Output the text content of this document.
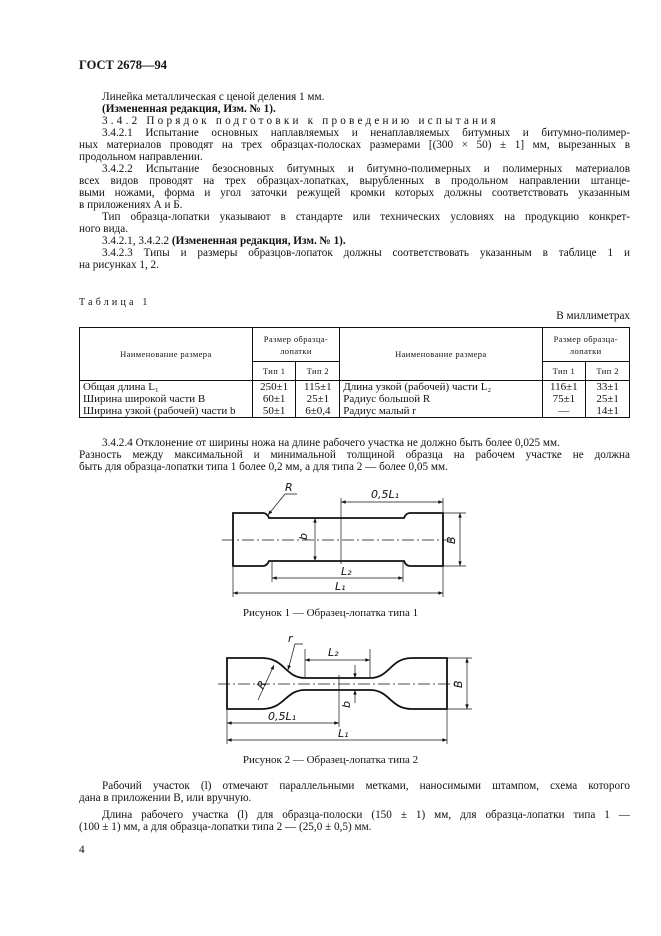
ГОСТ 2678—94
Линейка металлическая с ценой деления 1 мм.
(Измененная редакция, Изм. № 1).
3.4.2 Порядок подготовки к проведению испытания
3.4.2.1 Испытание основных наплавляемых и ненаплавляемых битумных и битумно-полимер-
ных материалов проводят на трех образцах-полосках размерами [(300 × 50) ± 1] мм, вырезанных в
продольном направлении.
3.4.2.2 Испытание безосновных битумных и битумно-полимерных и полимерных материалов
всех видов проводят на трех образцах-лопатках, вырубленных в продольном направлении штанце-
выми ножами, форма и угол заточки режущей кромки которых должны соответствовать указанным
в приложениях А и Б.
Тип образца-лопатки указывают в стандарте или технических условиях на продукцию конкрет-
ного вида.
3.4.2.1, 3.4.2.2 (Измененная редакция, Изм. № 1).
3.4.2.3 Типы и размеры образцов-лопаток должны соответствовать указанным в таблице 1 и
на рисунках 1, 2.
Таблица 1
В миллиметрах
Наименование размера	Размер образца-лопатки		Наименование размера	Размер образца-лопатки	
	Тип 1	Тип 2		Тип 1	Тип 2
Общая длина L₁	250±1	115±1	Длина узкой (рабочей) части L₂	116±1	33±1
Ширина широкой части B	60±1	25±1	Радиус большой R	75±1	25±1
Ширина узкой (рабочей) части b	50±1	6±0,4	Радиус малый r	—	14±1
3.4.2.4 Отклонение от ширины ножа на длине рабочего участка не должно быть более 0,025 мм.
Разность между максимальной и минимальной толщиной образца на рабочем участке не должна
быть для образца-лопатки типа 1 более 0,2 мм, а для типа 2 — более 0,05 мм.
R
0,5L₁
b	B
L₂
L₁
r
R
L₂
b
B
0,5L₁
L₁
Рисунок 1 — Образец-лопатка типа 1
Рисунок 2 — Образец-лопатка типа 2
Рабочий участок (l) отмечают параллельными метками, наносимыми штампом, схема которого
дана в приложении В, или вручную.
Длина рабочего участка (l) для образца-полоски (150 ± 1) мм, для образца-лопатки типа 1 —
(100 ± 1) мм, а для образца-лопатки типа 2 — (25,0 ± 0,5) мм.
4
